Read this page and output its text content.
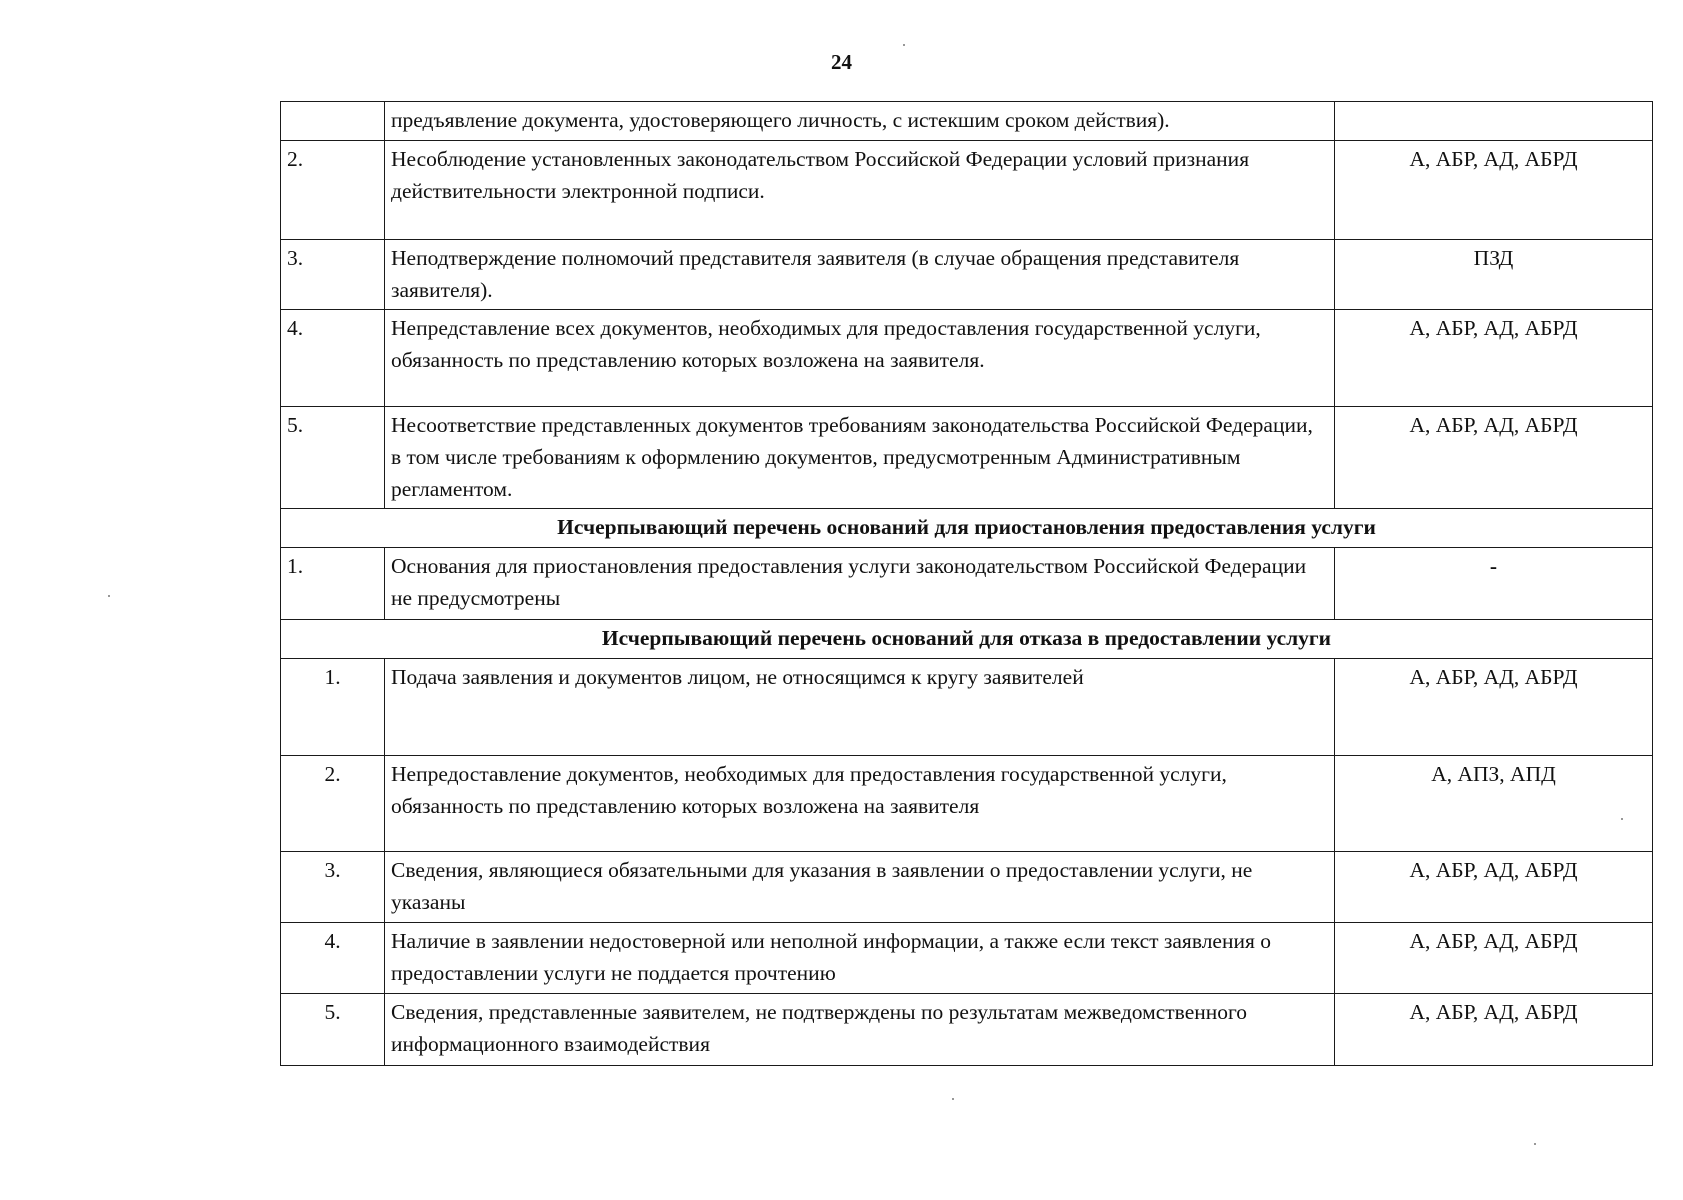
24
	предъявление документа, удостоверяющего личность, с истекшим сроком действия).	
2.	Несоблюдение установленных законодательством Российской Федерации условий признания действительности электронной подписи.	А, АБР, АД, АБРД
3.	Неподтверждение полномочий представителя заявителя (в случае обращения представителя заявителя).	ПЗД
4.	Непредставление всех документов, необходимых для предоставления государственной услуги, обязанность по представлению которых возложена на заявителя.	А, АБР, АД, АБРД
5.	Несоответствие представленных документов требованиям законодательства Российской Федерации, в том числе требованиям к оформлению документов, предусмотренным Административным регламентом.	А, АБР, АД, АБРД
Исчерпывающий перечень оснований для приостановления предоставления услуги		
1.	Основания для приостановления предоставления услуги законодательством Российской Федерации не предусмотрены	-
Исчерпывающий перечень оснований для отказа в предоставлении услуги		
1.	Подача заявления и документов лицом, не относящимся к кругу заявителей	А, АБР, АД, АБРД
2.	Непредоставление документов, необходимых для предоставления государственной услуги, обязанность по представлению которых возложена на заявителя	А, АПЗ, АПД
3.	Сведения, являющиеся обязательными для указания в заявлении о предоставлении услуги, не указаны	А, АБР, АД, АБРД
4.	Наличие в заявлении недостоверной или неполной информации, а также если текст заявления о предоставлении услуги не поддается прочтению	А, АБР, АД, АБРД
5.	Сведения, представленные заявителем, не подтверждены по результатам межведомственного информационного взаимодействия	А, АБР, АД, АБРД
